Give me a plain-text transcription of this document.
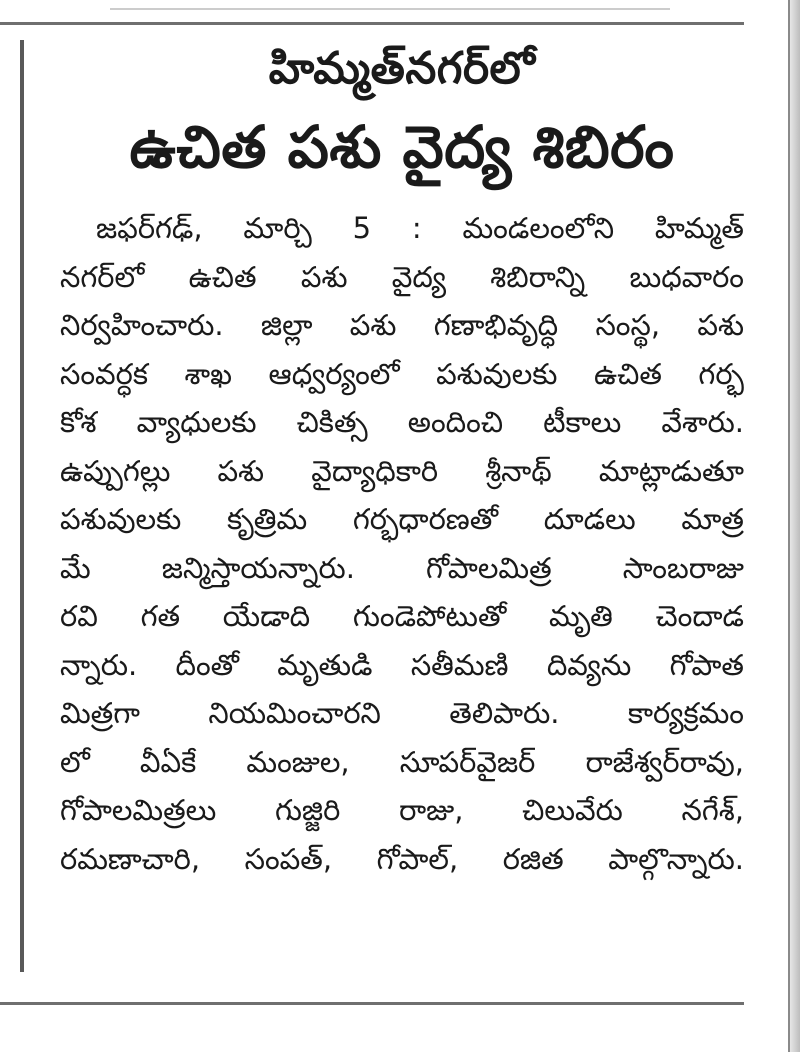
హిమ్మత్‌నగర్‌లో
ఉచిత పశు వైద్య శిబిరం
జఫర్‌గఢ్‌, మార్చి 5 : మండలంలోని హిమ్మత్‌
నగర్‌లో ఉచిత పశు వైద్య శిబిరాన్ని బుధవారం
నిర్వహించారు. జిల్లా పశు గణాభివృద్ధి సంస్థ, పశు
సంవర్ధక శాఖ ఆధ్వర్యంలో పశువులకు ఉచిత గర్భ
కోశ వ్యాధులకు చికిత్స అందించి టీకాలు వేశారు.
ఉప్పుగల్లు పశు వైద్యాధికారి శ్రీనాథ్‌ మాట్లాడుతూ
పశువులకు కృత్రిమ గర్భధారణతో దూడలు మాత్ర
మే జన్మిస్తాయన్నారు. గోపాలమిత్ర సాంబరాజు
రవి గత యేడాది గుండెపోటుతో మృతి చెందాడ
న్నారు. దీంతో మృతుడి సతీమణి దివ్యను గోపాత
మిత్రగా నియమించారని తెలిపారు. కార్యక్రమం
లో వీఏకే మంజుల, సూపర్‌వైజర్‌ రాజేశ్వర్‌రావు,
గోపాలమిత్రలు గుజ్జిరి రాజు, చిలువేరు నగేశ్‌,
రమణాచారి, సంపత్‌, గోపాల్‌, రజిత పాల్గొన్నారు.
